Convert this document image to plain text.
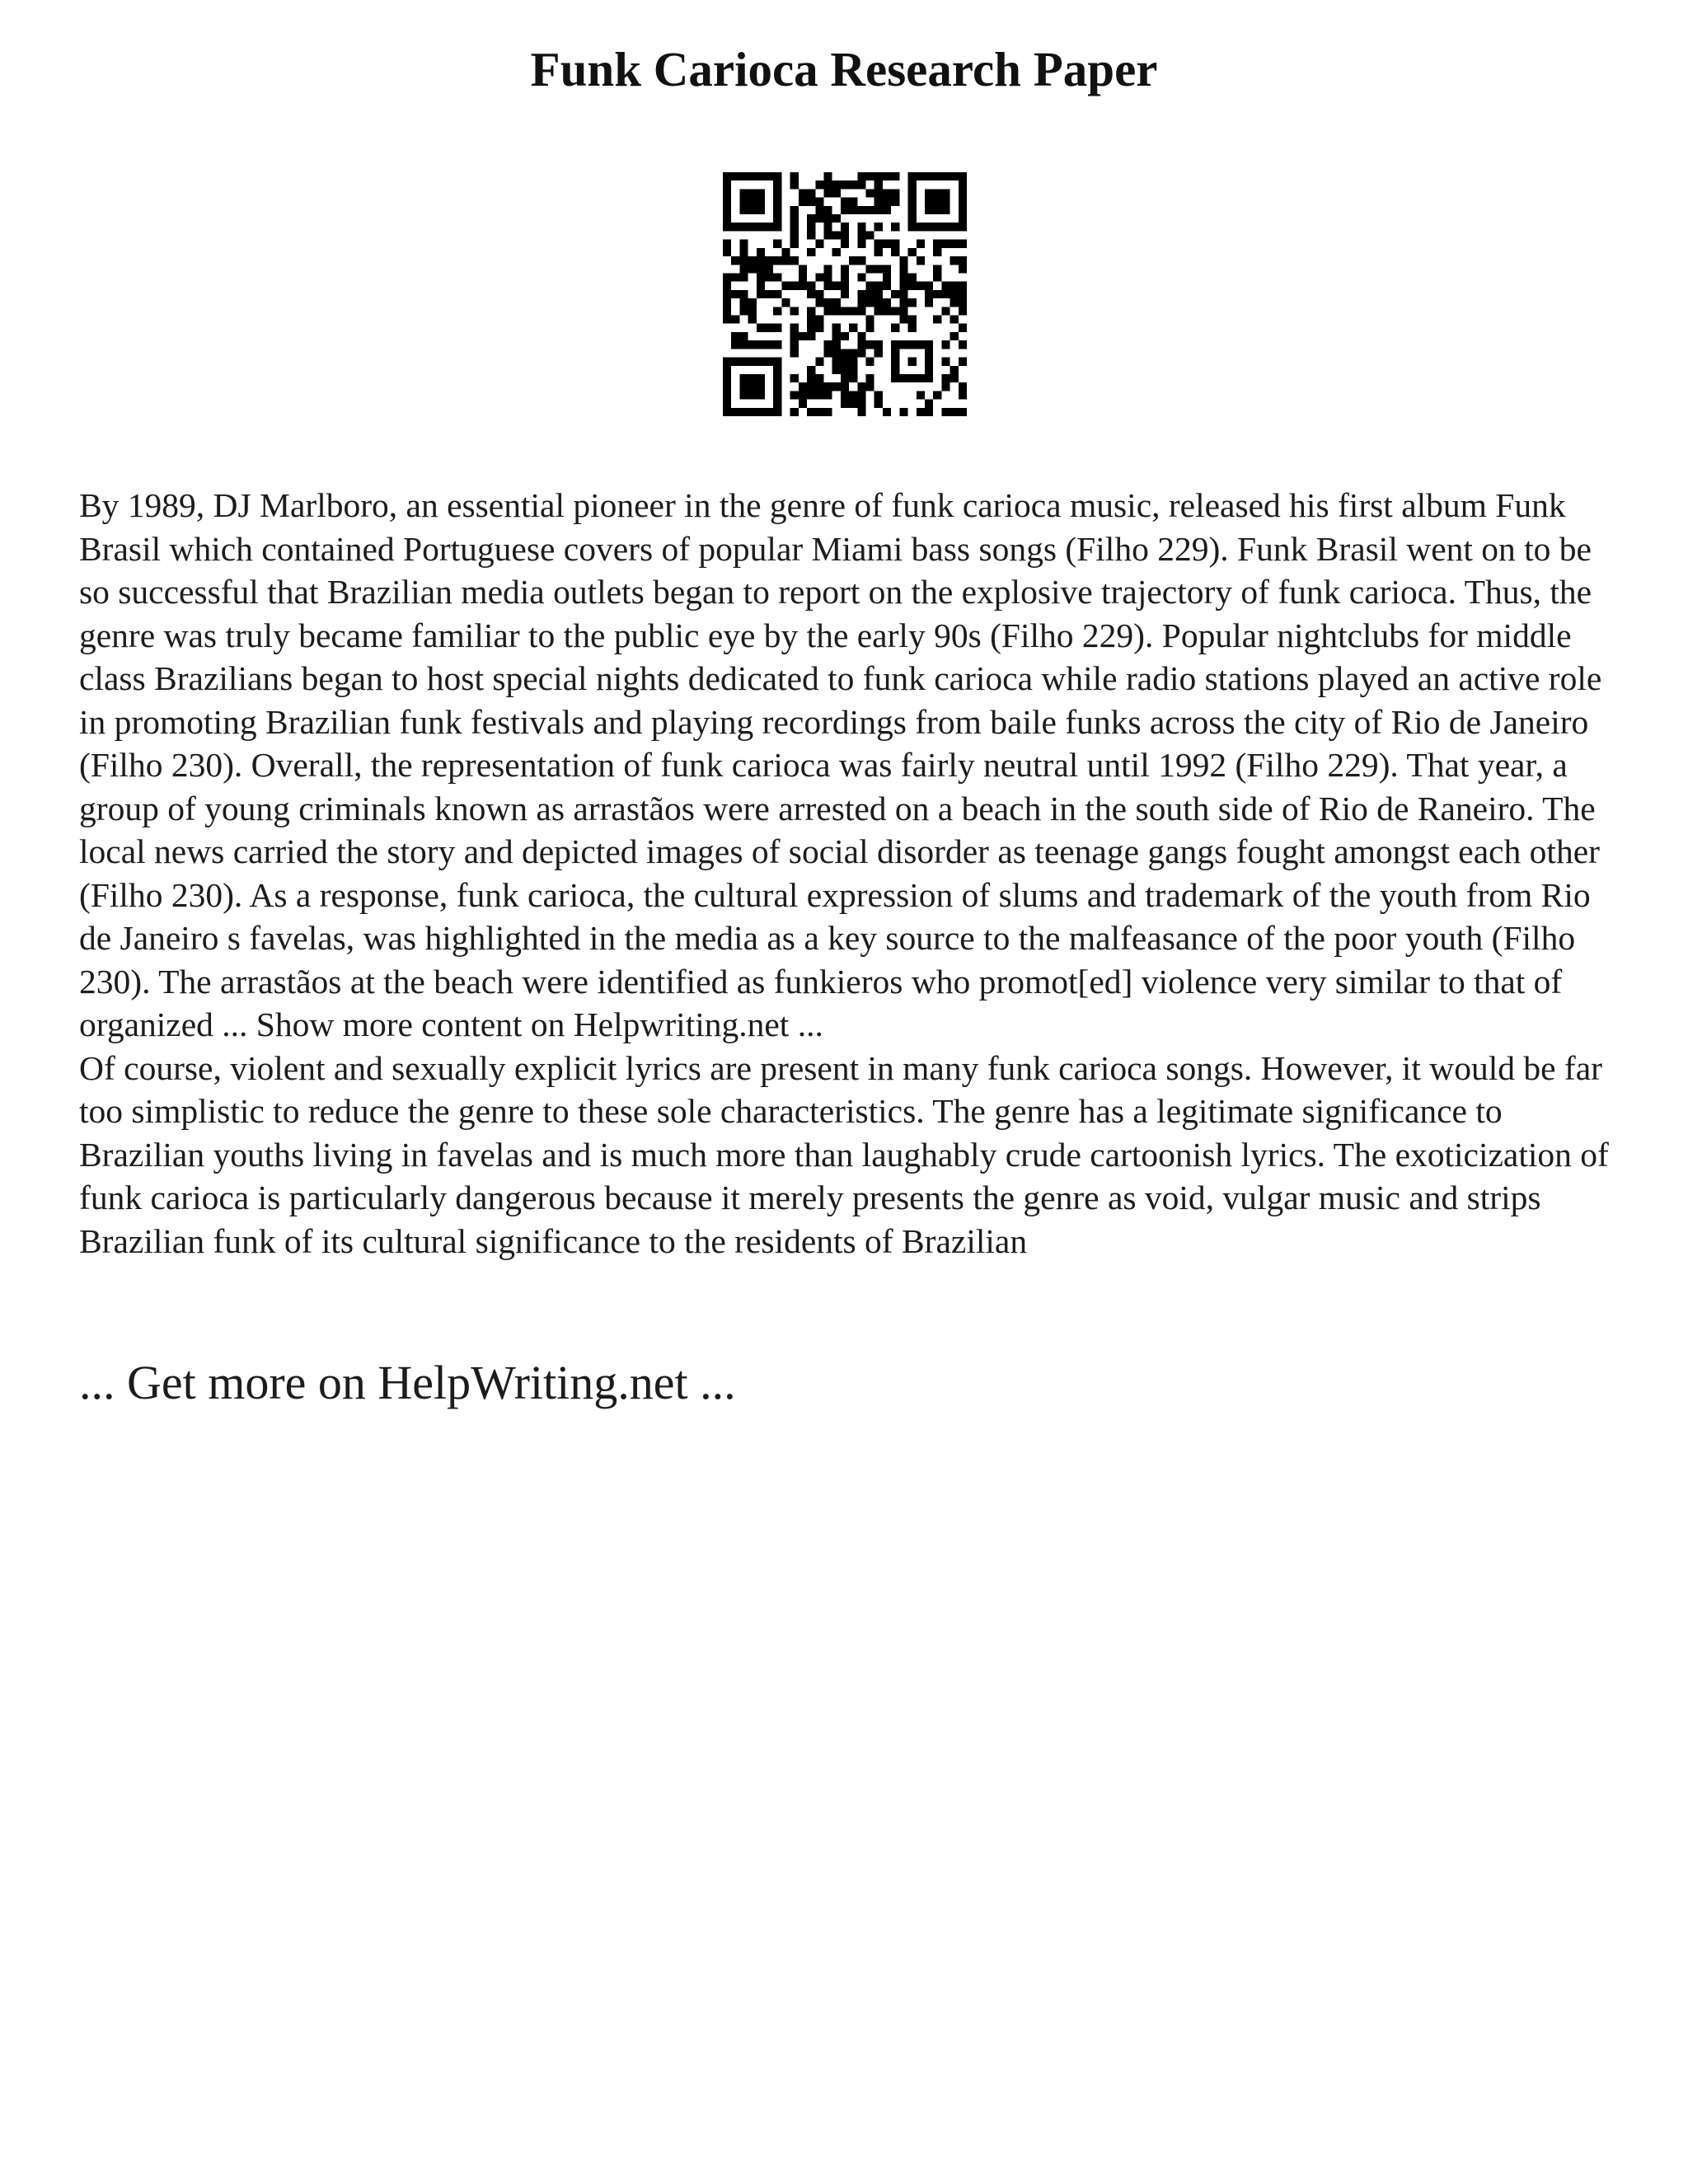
Funk Carioca Research Paper

By 1989, DJ Marlboro, an essential pioneer in the genre of funk carioca music, released his first album Funk Brasil which contained Portuguese covers of popular Miami bass songs (Filho 229). Funk Brasil went on to be so successful that Brazilian media outlets began to report on the explosive trajectory of funk carioca. Thus, the genre was truly became familiar to the public eye by the early 90s (Filho 229). Popular nightclubs for middle class Brazilians began to host special nights dedicated to funk carioca while radio stations played an active role in promoting Brazilian funk festivals and playing recordings from baile funks across the city of Rio de Janeiro (Filho 230). Overall, the representation of funk carioca was fairly neutral until 1992 (Filho 229). That year, a group of young criminals known as arrastãos were arrested on a beach in the south side of Rio de Raneiro. The local news carried the story and depicted images of social disorder as teenage gangs fought amongst each other (Filho 230). As a response, funk carioca, the cultural expression of slums and trademark of the youth from Rio de Janeiro s favelas, was highlighted in the media as a key source to the malfeasance of the poor youth (Filho 230). The arrastãos at the beach were identified as funkieros who promot[ed] violence very similar to that of organized ... Show more content on Helpwriting.net ...

Of course, violent and sexually explicit lyrics are present in many funk carioca songs. However, it would be far too simplistic to reduce the genre to these sole characteristics. The genre has a legitimate significance to Brazilian youths living in favelas and is much more than laughably crude cartoonish lyrics. The exoticization of funk carioca is particularly dangerous because it merely presents the genre as void, vulgar music and strips Brazilian funk of its cultural significance to the residents of Brazilian

... Get more on HelpWriting.net ...
